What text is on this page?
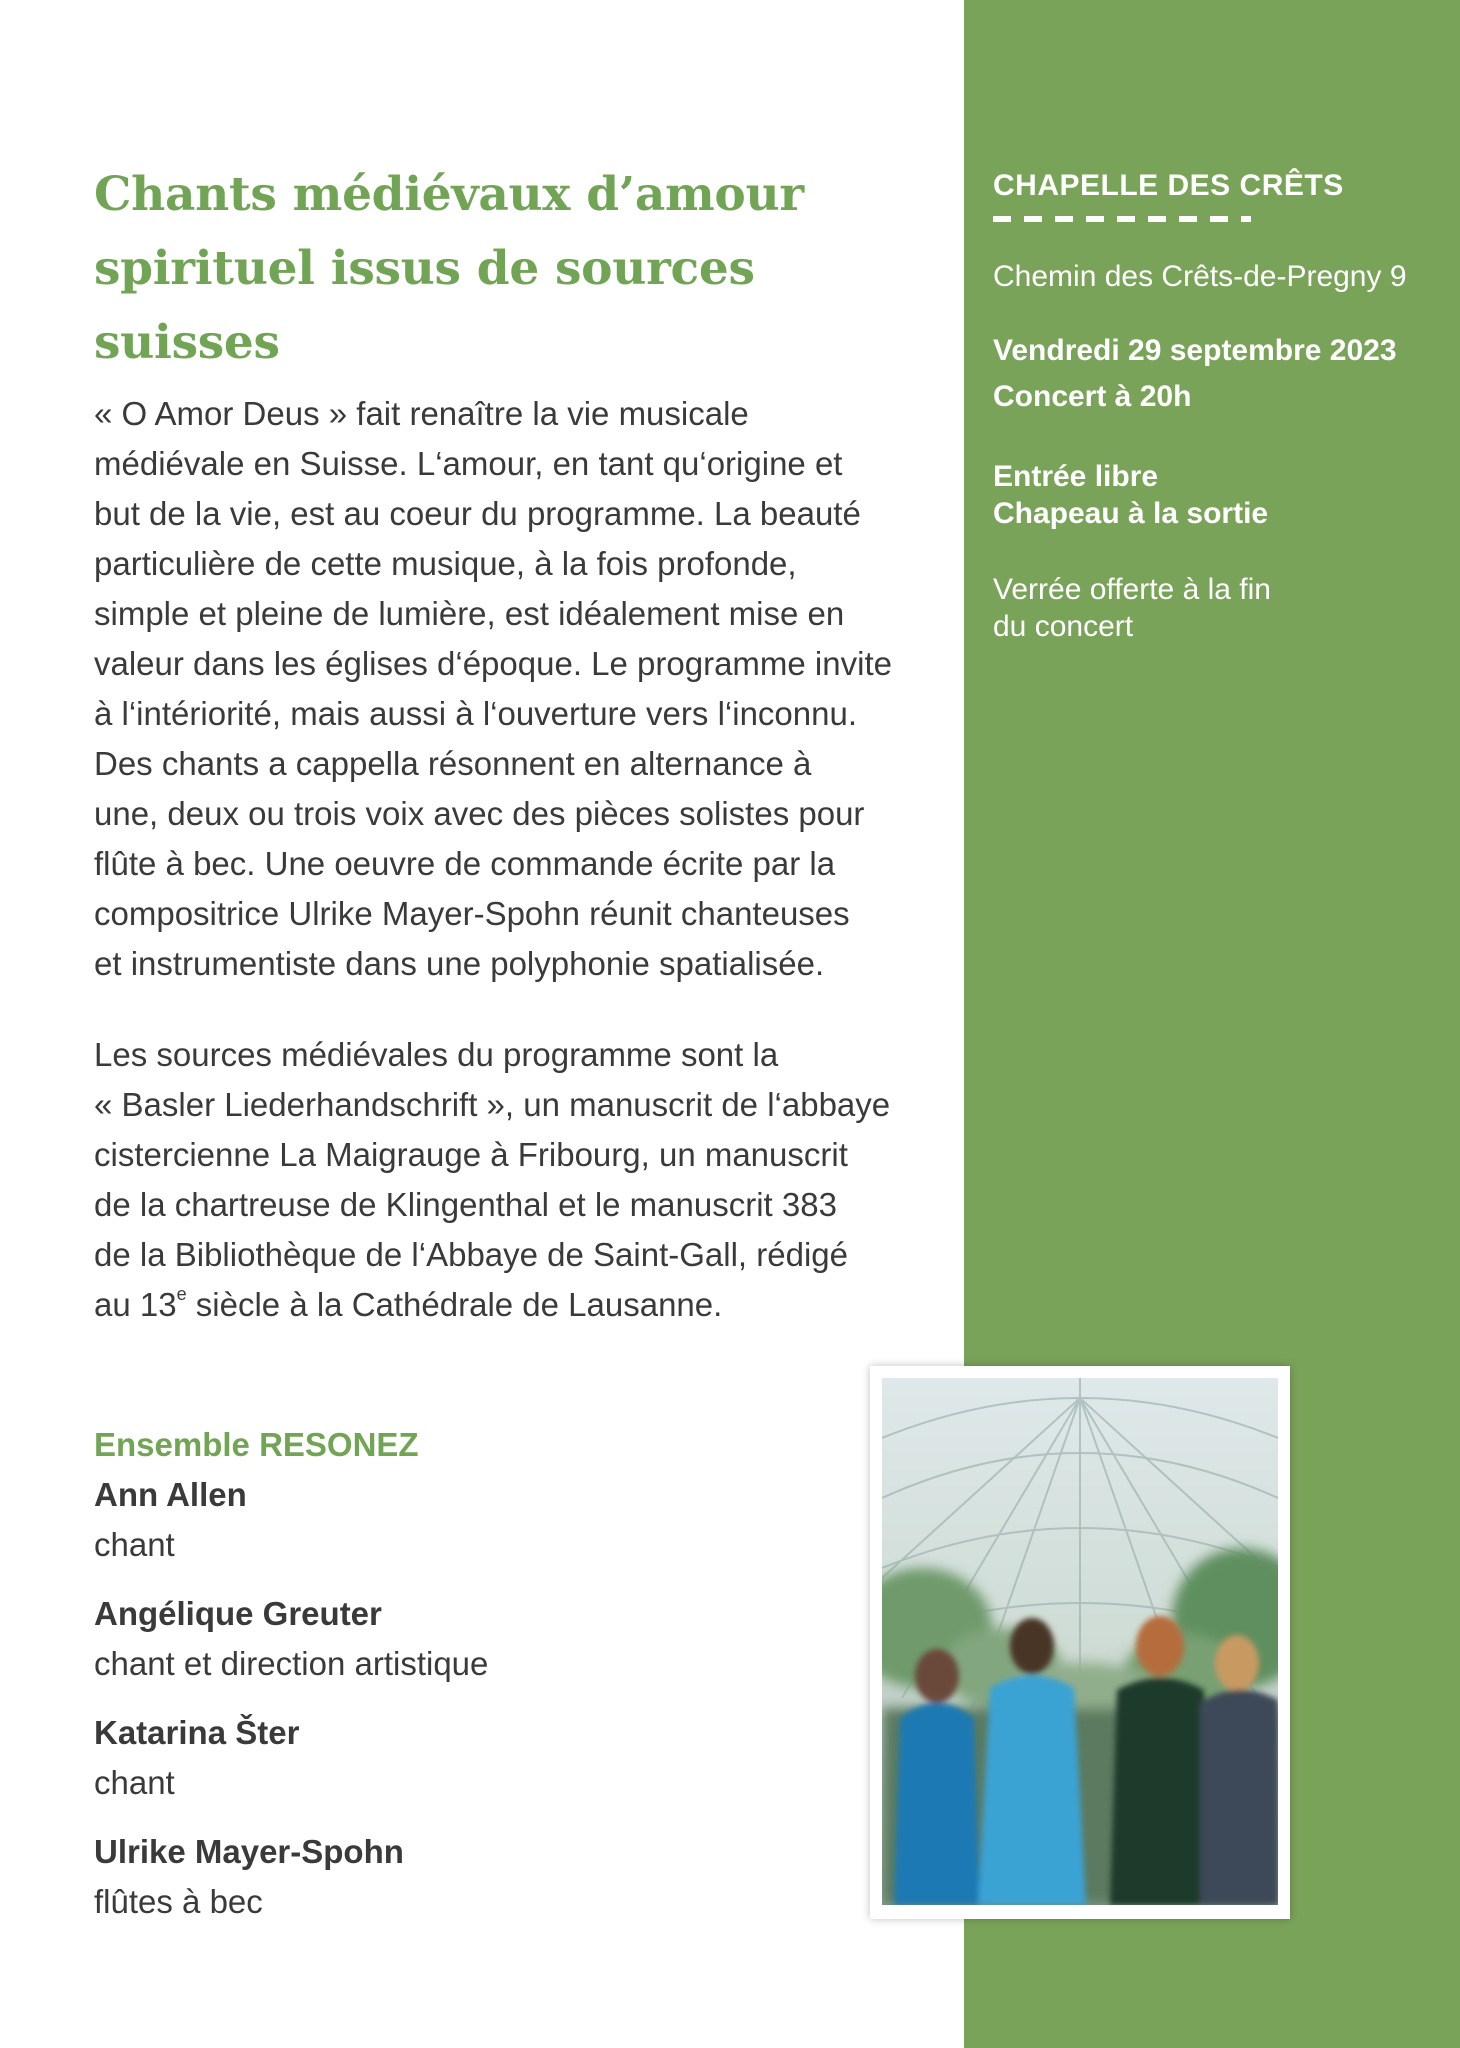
Chants médiévaux d’amour
spirituel issus de sources suisses
« O Amor Deus » fait renaître la vie musicale
médiévale en Suisse. L‘amour, en tant qu‘origine et
but de la vie, est au coeur du programme. La beauté
particulière de cette musique, à la fois profonde,
simple et pleine de lumière, est idéalement mise en
valeur dans les églises d‘époque. Le programme invite
à l‘intériorité, mais aussi à l‘ouverture vers l‘inconnu.
Des chants a cappella résonnent en alternance à
une, deux ou trois voix avec des pièces solistes pour
flûte à bec. Une oeuvre de commande écrite par la
compositrice Ulrike Mayer-Spohn réunit chanteuses
et instrumentiste dans une polyphonie spatialisée.
Les sources médiévales du programme sont la
« Basler Liederhandschrift », un manuscrit de l‘abbaye
cistercienne La Maigrauge à Fribourg, un manuscrit
de la chartreuse de Klingenthal et le manuscrit 383
de la Bibliothèque de l‘Abbaye de Saint-Gall, rédigé
au 13e siècle à la Cathédrale de Lausanne.
Ensemble RESONEZ
Ann Allen
chant
Angélique Greuter
chant et direction artistique
Katarina Šter
chant
Ulrike Mayer-Spohn
flûtes à bec
CHAPELLE DES CRÊTS
Chemin des Crêts-de-Pregny 9
Vendredi 29 septembre 2023
Concert à 20h
Entrée libre
Chapeau à la sortie
Verrée offerte à la fin
du concert
